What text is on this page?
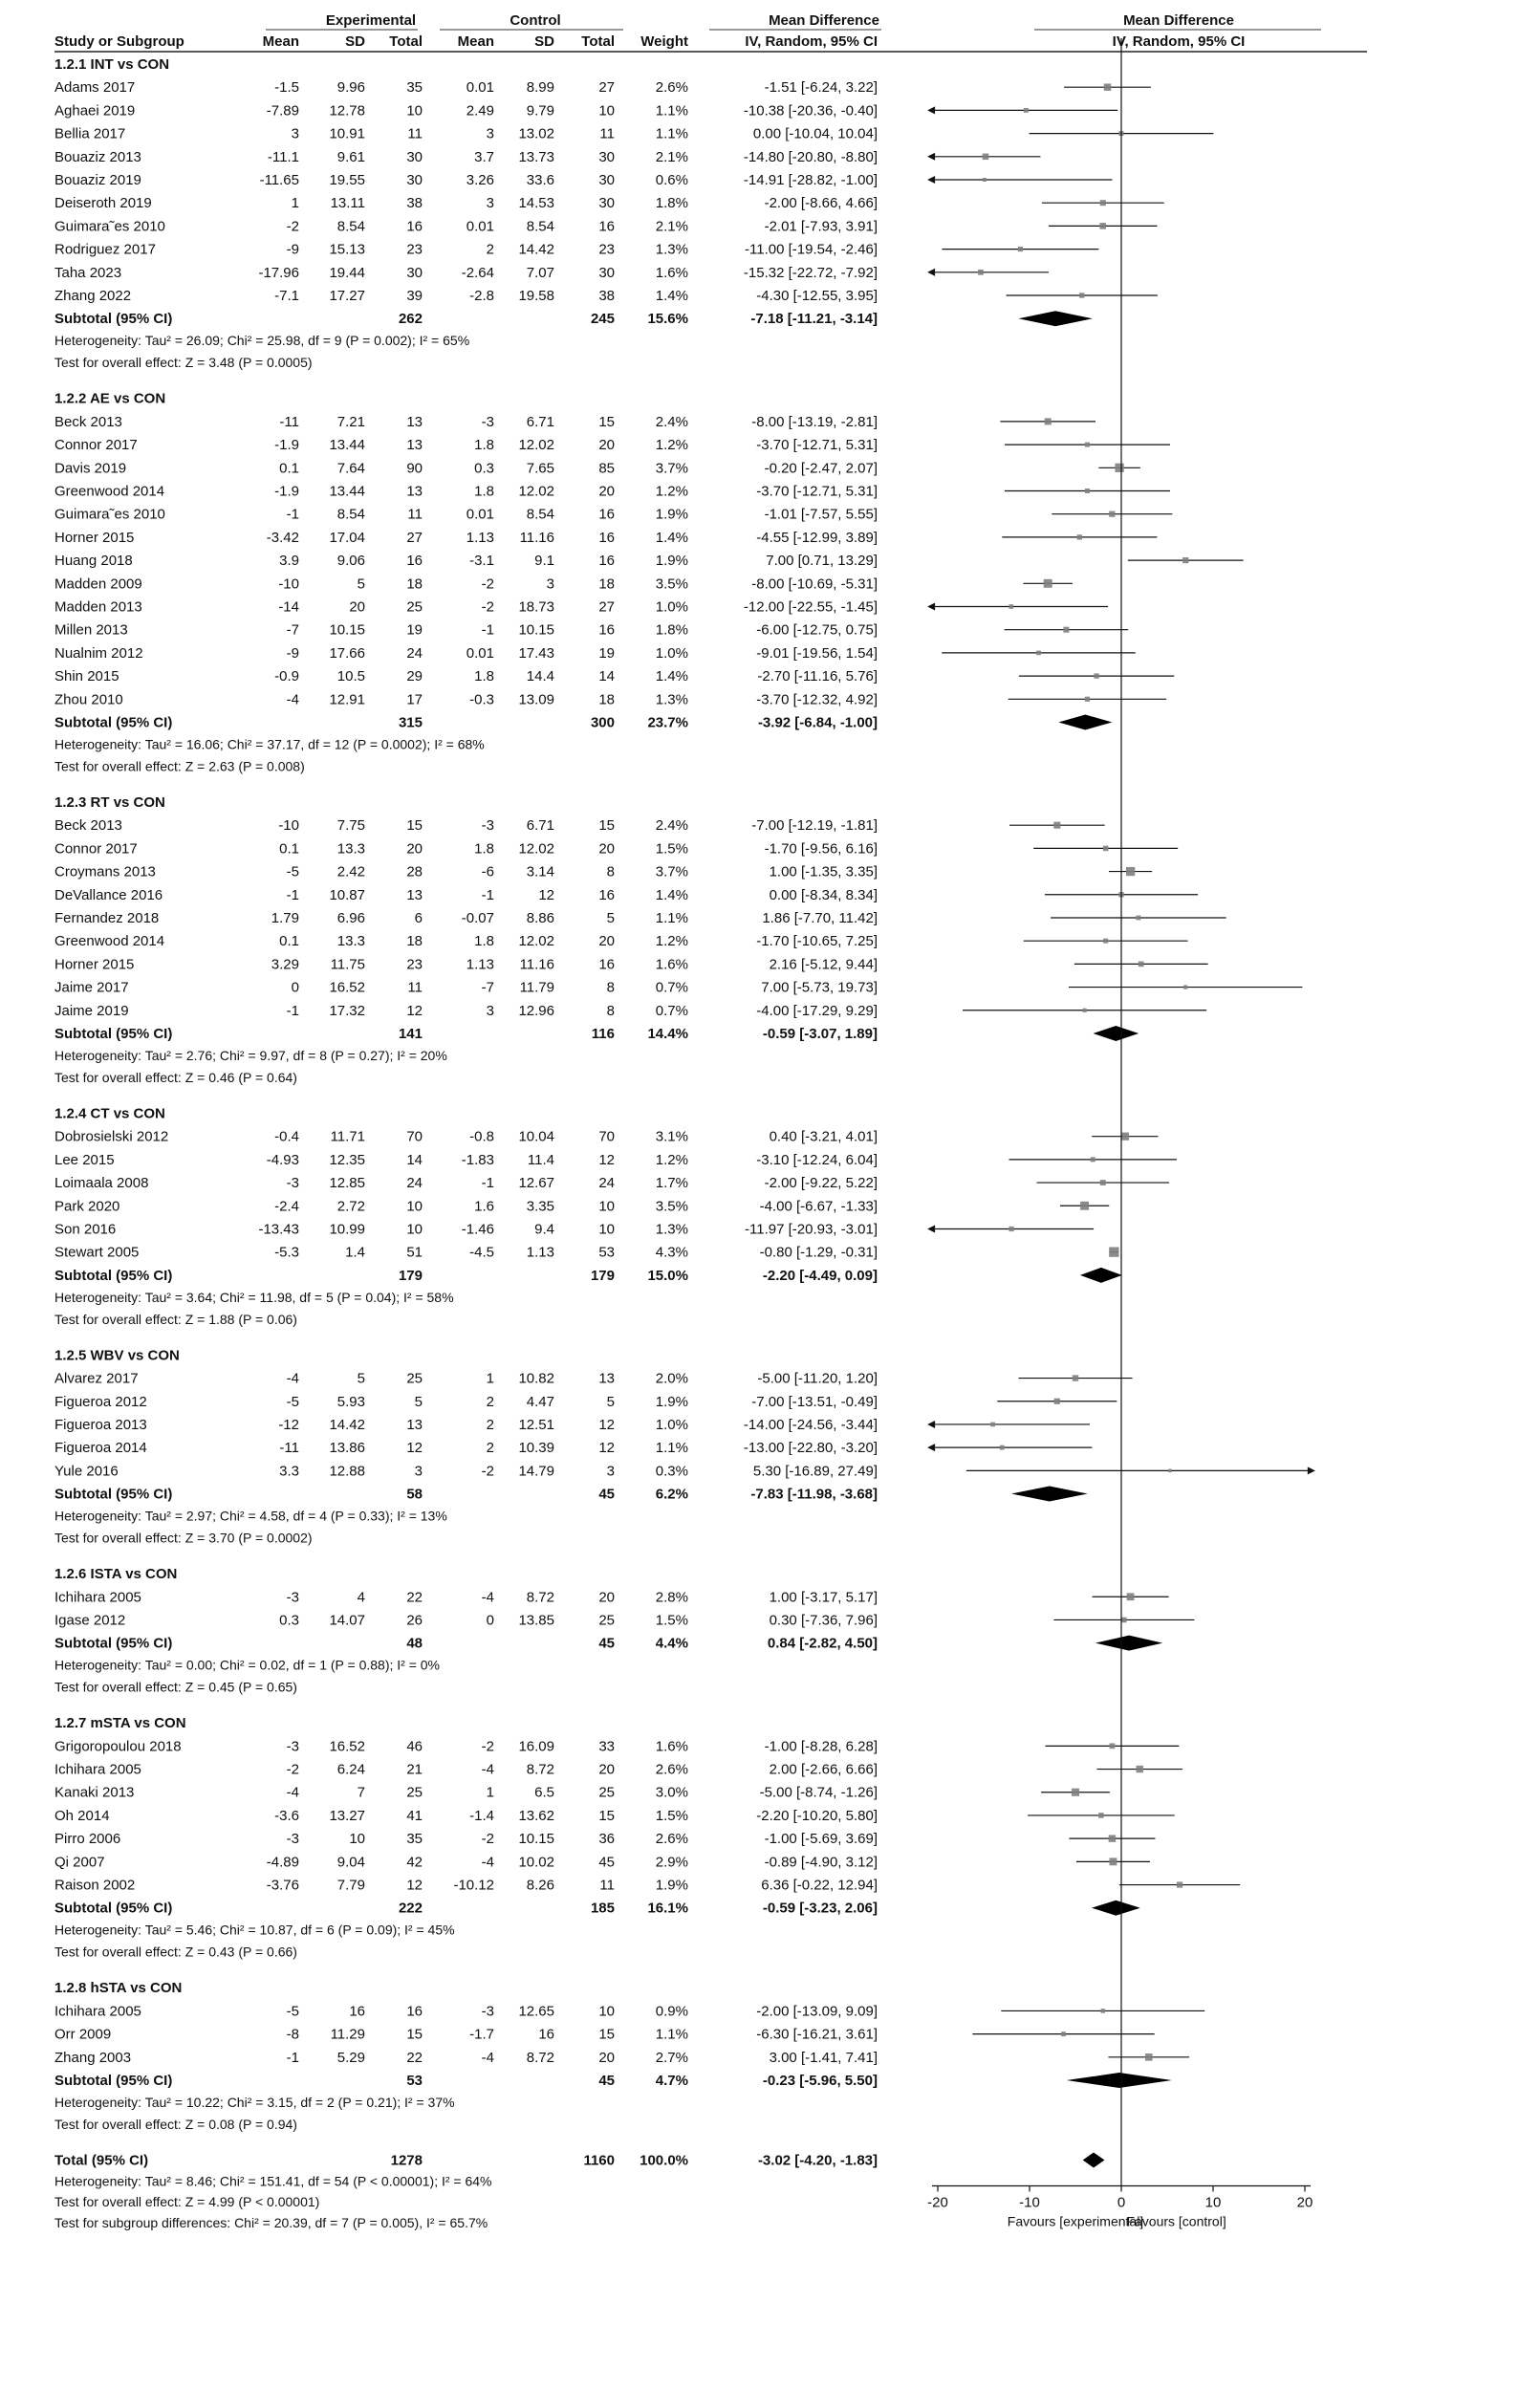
Experimental	Control	Mean Difference	Mean Difference
Study or Subgroup	Mean	SD Total Mean	SD Total Weight	IV, Random, 95% CI	IV, Random, 95% CI
1.2.1 INT vs CON
Adams 2017	-1.5	9.96	35	0.01 8.99	27	2.6%	-1.51 [-6.24, 3.22]
Aghaei 2019	-7.89 12.78	10	2.49 9.79	10	1.1%	-10.38 [-20.36, -0.40]
Bellia 2017	3 10.91	11	3 13.02	11	1.1%	0.00 [-10.04, 10.04]
Bouaziz 2013	-11.1	9.61	30	3.7 13.73	30	2.1%	-14.80 [-20.80, -8.80]
Bouaziz 2019	-11.65 19.55	30	3.26 33.6	30	0.6%	-14.91 [-28.82, -1.00]
Deiseroth 2019	1 13.11	38	3 14.53	30	1.8%	-2.00 [-8.66, 4.66]
Guimara˜es 2010	-2	8.54	16	0.01 8.54	16	2.1%	-2.01 [-7.93, 3.91]
Rodriguez 2017	-9 15.13	23	2 14.42	23	1.3%	-11.00 [-19.54, -2.46]
Taha 2023	-17.96 19.44	30	-2.64 7.07	30	1.6%	-15.32 [-22.72, -7.92]
Zhang 2022	-7.1 17.27	39	-2.8 19.58	38	1.4%	-4.30 [-12.55, 3.95]
Subtotal (95% CI)	262	245 15.6%	-7.18 [-11.21, -3.14]
Heterogeneity: Tau² = 26.09; Chi² = 25.98, df = 9 (P = 0.002); I² = 65%
Test for overall effect: Z = 3.48 (P = 0.0005)
1.2.2 AE vs CON
Beck 2013	-11	7.21	13	-3 6.71	15	2.4%	-8.00 [-13.19, -2.81]
Connor 2017	-1.9 13.44	13	1.8 12.02	20	1.2%	-3.70 [-12.71, 5.31]
Davis 2019	0.1	7.64	90	0.3 7.65	85	3.7%	-0.20 [-2.47, 2.07]
Greenwood 2014	-1.9 13.44	13	1.8 12.02	20	1.2%	-3.70 [-12.71, 5.31]
Guimara˜es 2010	-1	8.54	11	0.01 8.54	16	1.9%	-1.01 [-7.57, 5.55]
Horner 2015	-3.42 17.04	27	1.13 11.16	16	1.4%	-4.55 [-12.99, 3.89]
Huang 2018	3.9	9.06	16	-3.1	9.1	16	1.9%	7.00 [0.71, 13.29]
Madden 2009	-10	5	18	-2	3	18	3.5%	-8.00 [-10.69, -5.31]
Madden 2013	-14	20	25	-2 18.73	27	1.0%	-12.00 [-22.55, -1.45]
Millen 2013	-7 10.15	19	-1 10.15	16	1.8%	-6.00 [-12.75, 0.75]
Nualnim 2012	-9 17.66	24	0.01 17.43	19	1.0%	-9.01 [-19.56, 1.54]
Shin 2015	-0.9	10.5	29	1.8 14.4	14	1.4%	-2.70 [-11.16, 5.76]
Zhou 2010	-4 12.91	17	-0.3 13.09	18	1.3%	-3.70 [-12.32, 4.92]
Subtotal (95% CI)	315	300 23.7%	-3.92 [-6.84, -1.00]
Heterogeneity: Tau² = 16.06; Chi² = 37.17, df = 12 (P = 0.0002); I² = 68%
Test for overall effect: Z = 2.63 (P = 0.008)
1.2.3 RT vs CON
Beck 2013	-10	7.75	15	-3 6.71	15	2.4%	-7.00 [-12.19, -1.81]
Connor 2017	0.1	13.3	20	1.8 12.02	20	1.5%	-1.70 [-9.56, 6.16]
Croymans 2013	-5	2.42	28	-6 3.14	8	3.7%	1.00 [-1.35, 3.35]
DeVallance 2016	-1 10.87	13	-1	12	16	1.4%	0.00 [-8.34, 8.34]
Fernandez 2018	1.79	6.96	6	-0.07 8.86	5	1.1%	1.86 [-7.70, 11.42]
Greenwood 2014	0.1	13.3	18	1.8 12.02	20	1.2%	-1.70 [-10.65, 7.25]
Horner 2015	3.29 11.75	23	1.13 11.16	16	1.6%	2.16 [-5.12, 9.44]
Jaime 2017	0 16.52	11	-7 11.79	8	0.7%	7.00 [-5.73, 19.73]
Jaime 2019	-1 17.32	12	3 12.96	8	0.7%	-4.00 [-17.29, 9.29]
Subtotal (95% CI)	141	116 14.4%	-0.59 [-3.07, 1.89]
Heterogeneity: Tau² = 2.76; Chi² = 9.97, df = 8 (P = 0.27); I² = 20%
Test for overall effect: Z = 0.46 (P = 0.64)
1.2.4 CT vs CON
Dobrosielski 2012	-0.4 11.71	70	-0.8 10.04	70	3.1%	0.40 [-3.21, 4.01]
Lee 2015	-4.93 12.35	14	-1.83 11.4	12	1.2%	-3.10 [-12.24, 6.04]
Loimaala 2008	-3 12.85	24	-1 12.67	24	1.7%	-2.00 [-9.22, 5.22]
Park 2020	-2.4	2.72	10	1.6 3.35	10	3.5%	-4.00 [-6.67, -1.33]
Son 2016	-13.43 10.99	10	-1.46	9.4	10	1.3%	-11.97 [-20.93, -3.01]
Stewart 2005	-5.3	1.4	51	-4.5 1.13	53	4.3%	-0.80 [-1.29, -0.31]
Subtotal (95% CI)	179	179 15.0%	-2.20 [-4.49, 0.09]
Heterogeneity: Tau² = 3.64; Chi² = 11.98, df = 5 (P = 0.04); I² = 58%
Test for overall effect: Z = 1.88 (P = 0.06)
1.2.5 WBV vs CON
Alvarez 2017	-4	5	25	1 10.82	13	2.0%	-5.00 [-11.20, 1.20]
Figueroa 2012	-5	5.93	5	2 4.47	5	1.9%	-7.00 [-13.51, -0.49]
Figueroa 2013	-12 14.42	13	2 12.51	12	1.0%	-14.00 [-24.56, -3.44]
Figueroa 2014	-11 13.86	12	2 10.39	12	1.1%	-13.00 [-22.80, -3.20]
Yule 2016	3.3 12.88	3	-2 14.79	3	0.3%	5.30 [-16.89, 27.49]
Subtotal (95% CI)	58	45	6.2%	-7.83 [-11.98, -3.68]
Heterogeneity: Tau² = 2.97; Chi² = 4.58, df = 4 (P = 0.33); I² = 13%
Test for overall effect: Z = 3.70 (P = 0.0002)
1.2.6 ISTA vs CON
Ichihara 2005	-3	4	22	-4 8.72	20	2.8%	1.00 [-3.17, 5.17]
Igase 2012	0.3 14.07	26	0 13.85	25	1.5%	0.30 [-7.36, 7.96]
Subtotal (95% CI)	48	45	4.4%	0.84 [-2.82, 4.50]
Heterogeneity: Tau² = 0.00; Chi² = 0.02, df = 1 (P = 0.88); I² = 0%
Test for overall effect: Z = 0.45 (P = 0.65)
1.2.7 mSTA vs CON
Grigoropoulou 2018	-3 16.52	46	-2 16.09	33	1.6%	-1.00 [-8.28, 6.28]
Ichihara 2005	-2	6.24	21	-4 8.72	20	2.6%	2.00 [-2.66, 6.66]
Kanaki 2013	-4	7	25	1	6.5	25	3.0%	-5.00 [-8.74, -1.26]
Oh 2014	-3.6 13.27	41	-1.4 13.62	15	1.5%	-2.20 [-10.20, 5.80]
Pirro 2006	-3	10	35	-2 10.15	36	2.6%	-1.00 [-5.69, 3.69]
Qi 2007	-4.89	9.04	42	-4 10.02	45	2.9%	-0.89 [-4.90, 3.12]
Raison 2002	-3.76	7.79	12 -10.12 8.26	11	1.9%	6.36 [-0.22, 12.94]
Subtotal (95% CI)	222	185 16.1%	-0.59 [-3.23, 2.06]
Heterogeneity: Tau² = 5.46; Chi² = 10.87, df = 6 (P = 0.09); I² = 45%
Test for overall effect: Z = 0.43 (P = 0.66)
1.2.8 hSTA vs CON
Ichihara 2005	-5	16	16	-3 12.65	10	0.9%	-2.00 [-13.09, 9.09]
Orr 2009	-8 11.29	15	-1.7	16	15	1.1%	-6.30 [-16.21, 3.61]
Zhang 2003	-1	5.29	22	-4 8.72	20	2.7%	3.00 [-1.41, 7.41]
Subtotal (95% CI)	53	45	4.7%	-0.23 [-5.96, 5.50]
Heterogeneity: Tau² = 10.22; Chi² = 3.15, df = 2 (P = 0.21); I² = 37%
Test for overall effect: Z = 0.08 (P = 0.94)
Total (95% CI)	1278	1160 100.0%	-3.02 [-4.20, -1.83]
Heterogeneity: Tau² = 8.46; Chi² = 151.41, df = 54 (P < 0.00001); I² = 64%
Test for overall effect: Z = 4.99 (P < 0.00001)
Test for subgroup differences: Chi² = 20.39, df = 7 (P = 0.005), I² = 65.7%
-20	-10	0	10	20
Favours [experimental]
Favours [control]
